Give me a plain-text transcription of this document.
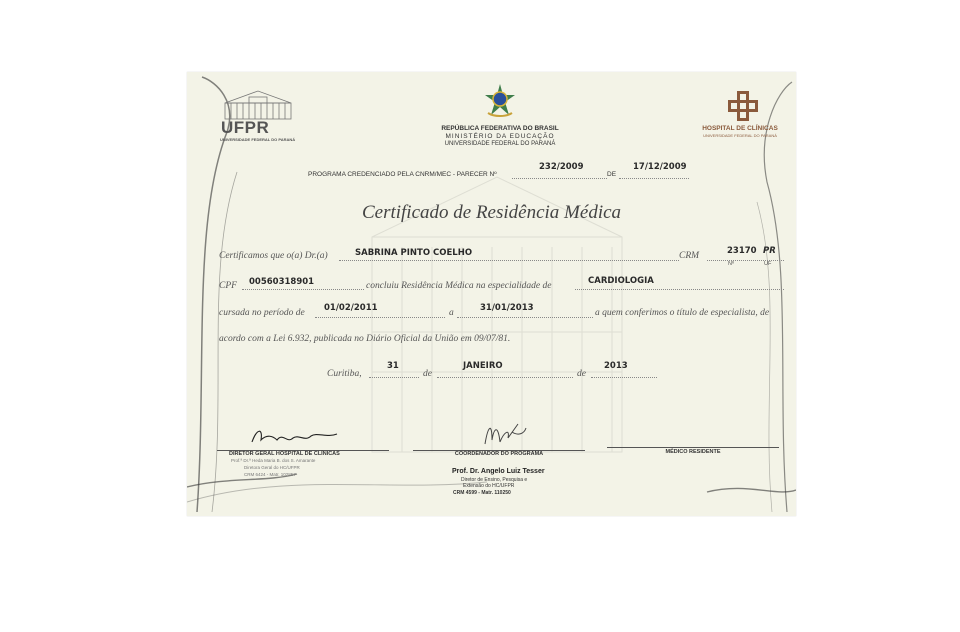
UFPR
UNIVERSIDADE FEDERAL DO PARANÁ
REPÚBLICA FEDERATIVA DO BRASIL
MINISTÉRIO DA EDUCAÇÃO
UNIVERSIDADE FEDERAL DO PARANÁ
HOSPITAL DE CLÍNICAS
UNIVERSIDADE FEDERAL DO PARANÁ
PROGRAMA CREDENCIADO PELA CNRM/MEC - PARECER Nº
232/2009
DE
17/12/2009
Certificado de Residência Médica
Certificamos que o(a) Dr.(a)	SABRINA PINTO COELHO	CRM	23170 PR
Nº	UF
CPF 00560318901	concluiu Residência Médica na especialidade de	CARDIOLOGIA
cursada no período de 01/02/2011	a	31/01/2013	a quem conferimos o título de especialista, de
acordo com a Lei 6.932, publicada no Diário Oficial da União em 09/07/81.
Curitiba,
31
de
JANEIRO
de
2013
DIRETOR GERAL HOSPITAL DE CLÍNICAS
Prof.ª Dr.ª Heda Maria B. dos S. Amarante
Diretora Geral do HC/UFPR
CRM 6424 - Matr. 102857
COORDENADOR DO PROGRAMA
Prof. Dr. Angelo Luiz Tesser
Diretor de Ensino, Pesquisa e
Extensão do HC/UFPR
CRM 4599 - Matr. 110250
MÉDICO RESIDENTE
